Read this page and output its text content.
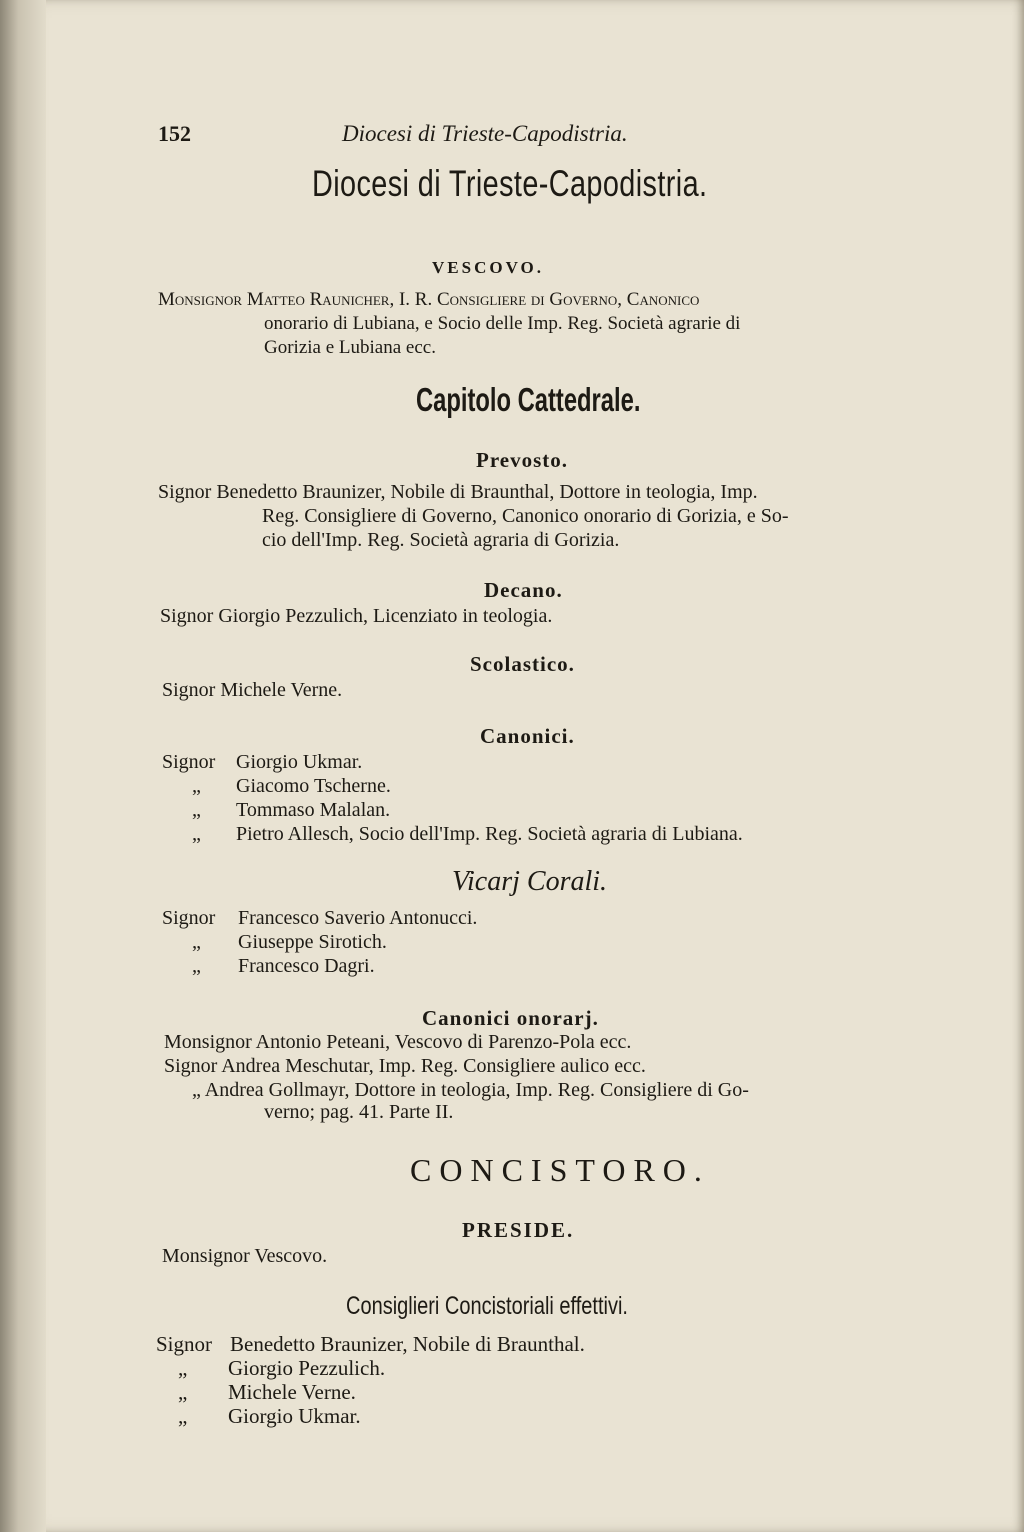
152	Diocesi di Trieste-Capodistria.
Diocesi di Trieste-Capodistria.
VESCOVO.
Monsignor Matteo Raunicher, I. R. Consigliere di Governo, Canonico
onorario di Lubiana, e Socio delle Imp. Reg. Società agrarie di
Gorizia e Lubiana ecc.
Capitolo Cattedrale.
Prevosto.
Signor Benedetto Braunizer, Nobile di Braunthal, Dottore in teologia, Imp.
Reg. Consigliere di Governo, Canonico onorario di Gorizia, e So-
cio dell'Imp. Reg. Società agraria di Gorizia.
Decano.
Signor Giorgio Pezzulich, Licenziato in teologia.
Scolastico.
Signor Michele Verne.
Canonici.
Signor Giorgio Ukmar.
„ Giacomo Tscherne.
„ Tommaso Malalan.
„ Pietro Allesch, Socio dell'Imp. Reg. Società agraria di Lubiana.
Vicarj Corali.
Signor Francesco Saverio Antonucci.
„ Giuseppe Sirotich.
„ Francesco Dagri.
Canonici onorarj.
Monsignor Antonio Peteani, Vescovo di Parenzo-Pola ecc.
Signor Andrea Meschutar, Imp. Reg. Consigliere aulico ecc.
„ Andrea Gollmayr, Dottore in teologia, Imp. Reg. Consigliere di Go-
verno; pag. 41. Parte II.
CONCISTORO.
PRESIDE.
Monsignor Vescovo.
Consiglieri Concistoriali effettivi.
Signor Benedetto Braunizer, Nobile di Braunthal.
„ Giorgio Pezzulich.
„ Michele Verne.
„ Giorgio Ukmar.
